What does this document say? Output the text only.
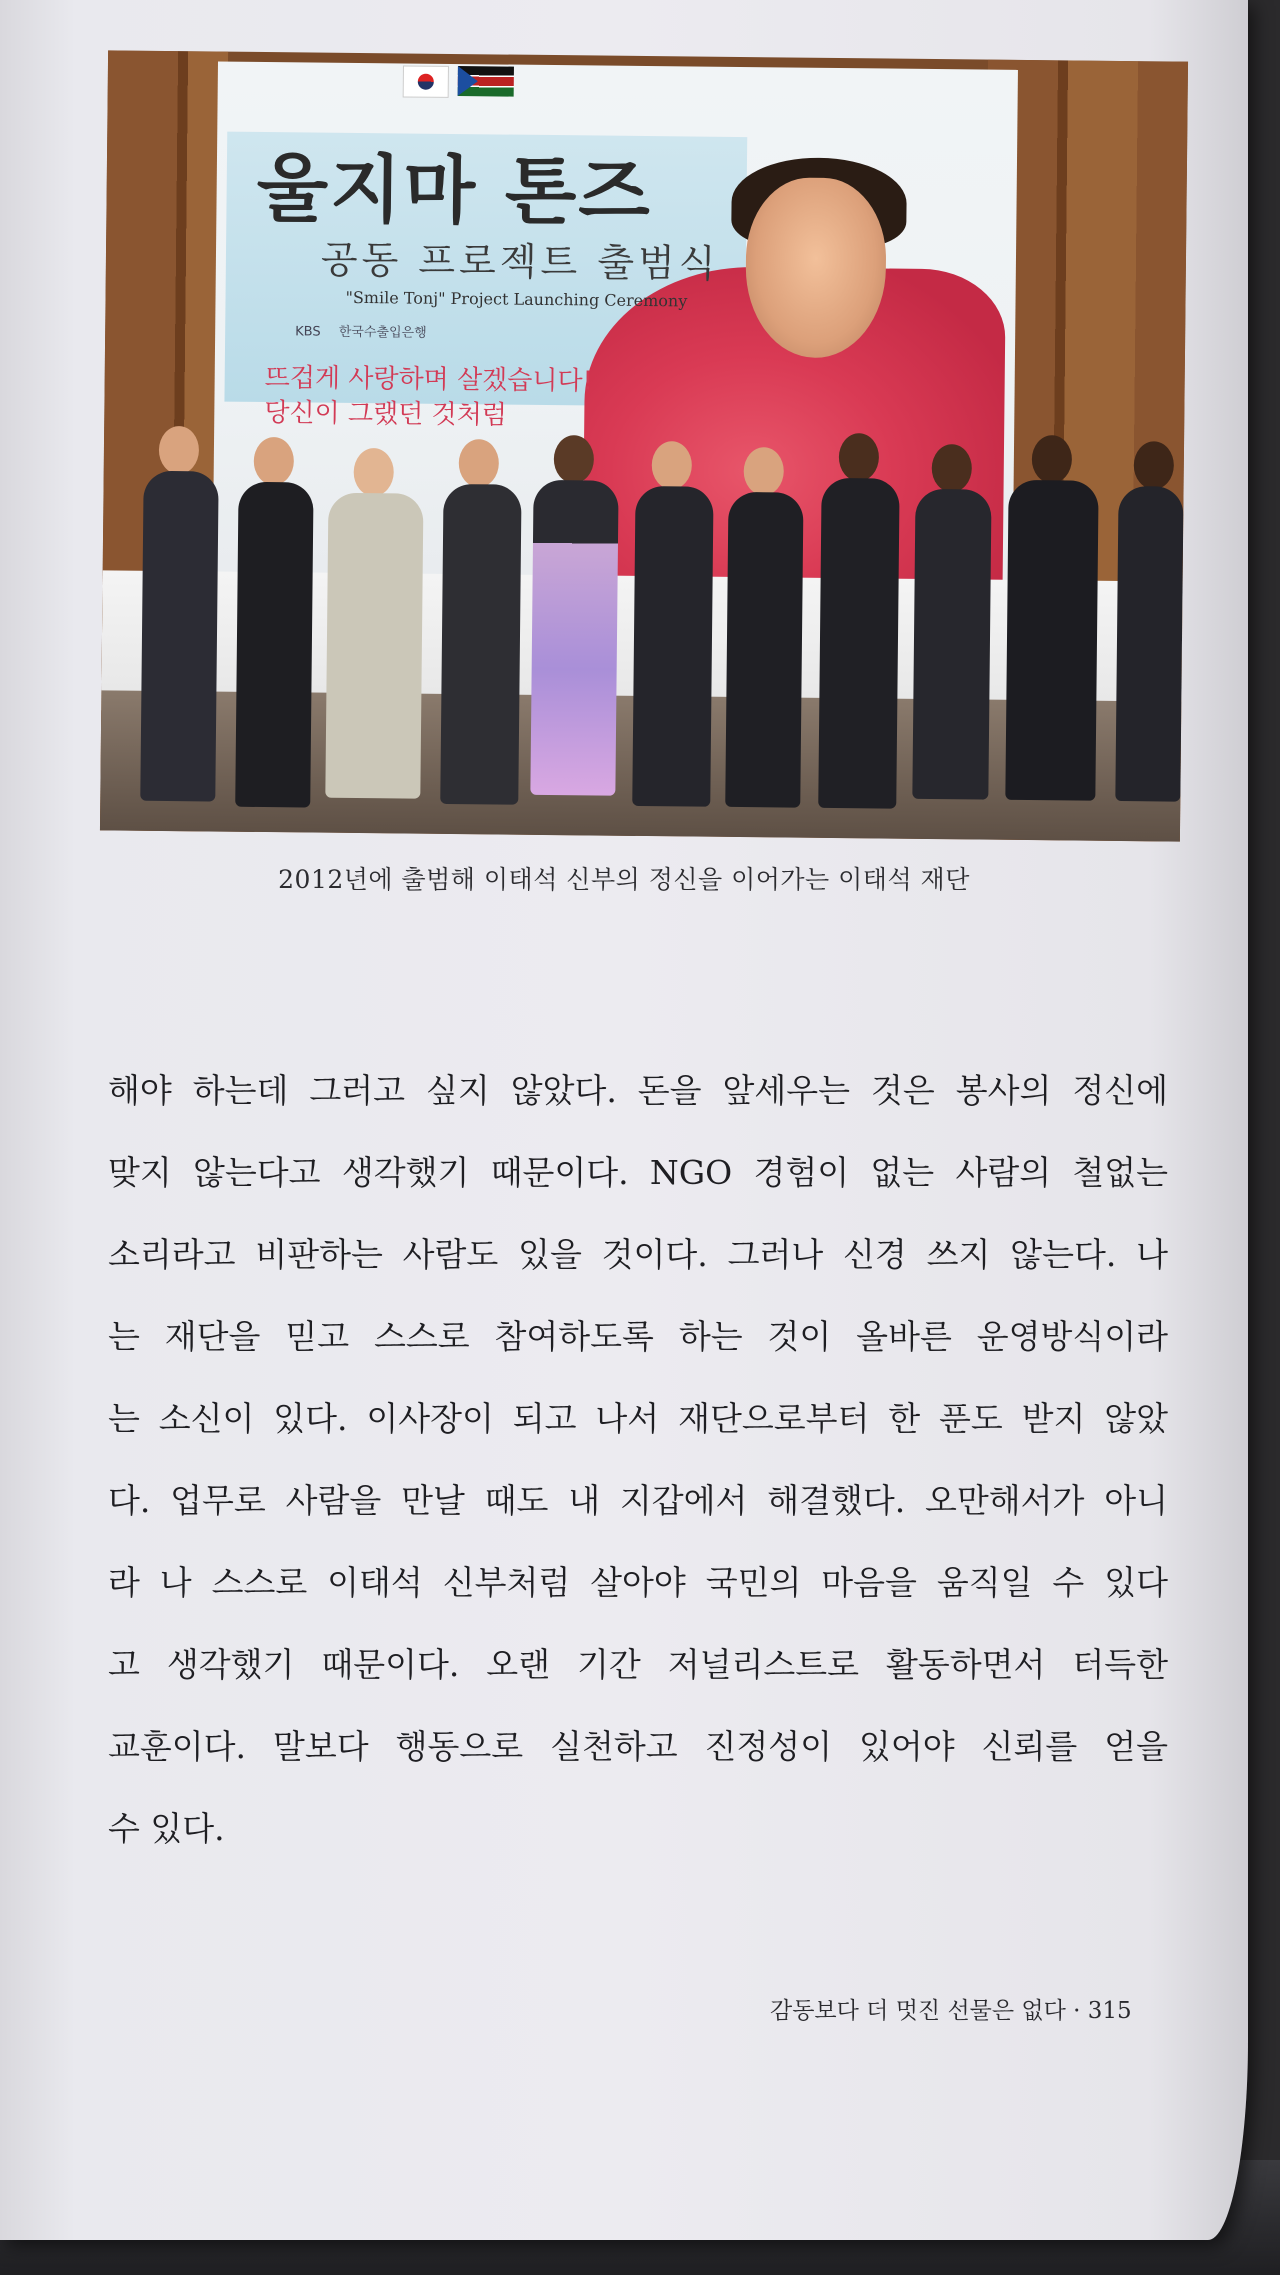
울지마 톤즈
공동 프로젝트 출범식
"Smile Tonj" Project Launching Ceremony
KBS 한국수출입은행
뜨겁게 사랑하며 살겠습니다!
당신이 그랬던 것처럼
2012년에 출범해 이태석 신부의 정신을 이어가는 이태석 재단
해야 하는데 그러고 싶지 않았다. 돈을 앞세우는 것은 봉사의 정신에
맞지 않는다고 생각했기 때문이다. NGO 경험이 없는 사람의 철없는
소리라고 비판하는 사람도 있을 것이다. 그러나 신경 쓰지 않는다. 나
는 재단을 믿고 스스로 참여하도록 하는 것이 올바른 운영방식이라
는 소신이 있다. 이사장이 되고 나서 재단으로부터 한 푼도 받지 않았
다. 업무로 사람을 만날 때도 내 지갑에서 해결했다. 오만해서가 아니
라 나 스스로 이태석 신부처럼 살아야 국민의 마음을 움직일 수 있다
고 생각했기 때문이다. 오랜 기간 저널리스트로 활동하면서 터득한
교훈이다. 말보다 행동으로 실천하고 진정성이 있어야 신뢰를 얻을
수 있다.
감동보다 더 멋진 선물은 없다 · 315
